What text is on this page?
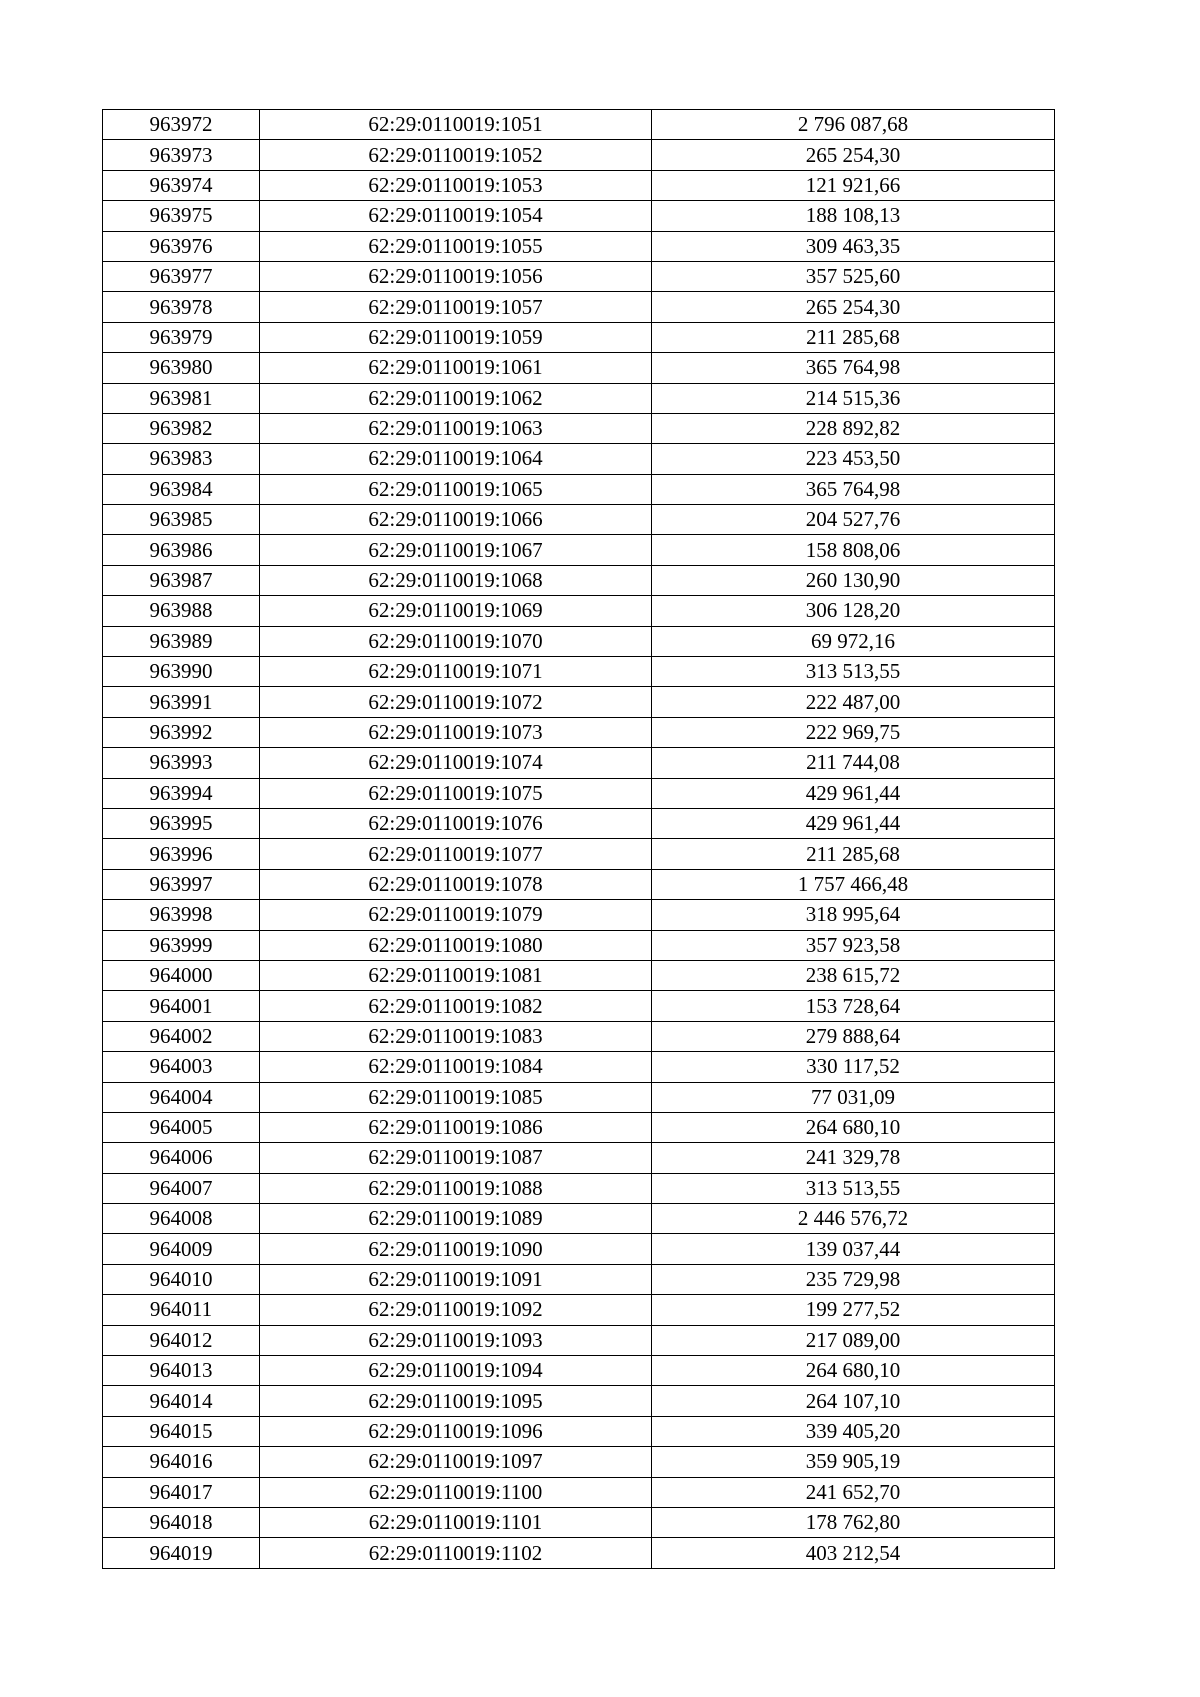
963972	62:29:0110019:1051	2 796 087,68
963973	62:29:0110019:1052	265 254,30
963974	62:29:0110019:1053	121 921,66
963975	62:29:0110019:1054	188 108,13
963976	62:29:0110019:1055	309 463,35
963977	62:29:0110019:1056	357 525,60
963978	62:29:0110019:1057	265 254,30
963979	62:29:0110019:1059	211 285,68
963980	62:29:0110019:1061	365 764,98
963981	62:29:0110019:1062	214 515,36
963982	62:29:0110019:1063	228 892,82
963983	62:29:0110019:1064	223 453,50
963984	62:29:0110019:1065	365 764,98
963985	62:29:0110019:1066	204 527,76
963986	62:29:0110019:1067	158 808,06
963987	62:29:0110019:1068	260 130,90
963988	62:29:0110019:1069	306 128,20
963989	62:29:0110019:1070	69 972,16
963990	62:29:0110019:1071	313 513,55
963991	62:29:0110019:1072	222 487,00
963992	62:29:0110019:1073	222 969,75
963993	62:29:0110019:1074	211 744,08
963994	62:29:0110019:1075	429 961,44
963995	62:29:0110019:1076	429 961,44
963996	62:29:0110019:1077	211 285,68
963997	62:29:0110019:1078	1 757 466,48
963998	62:29:0110019:1079	318 995,64
963999	62:29:0110019:1080	357 923,58
964000	62:29:0110019:1081	238 615,72
964001	62:29:0110019:1082	153 728,64
964002	62:29:0110019:1083	279 888,64
964003	62:29:0110019:1084	330 117,52
964004	62:29:0110019:1085	77 031,09
964005	62:29:0110019:1086	264 680,10
964006	62:29:0110019:1087	241 329,78
964007	62:29:0110019:1088	313 513,55
964008	62:29:0110019:1089	2 446 576,72
964009	62:29:0110019:1090	139 037,44
964010	62:29:0110019:1091	235 729,98
964011	62:29:0110019:1092	199 277,52
964012	62:29:0110019:1093	217 089,00
964013	62:29:0110019:1094	264 680,10
964014	62:29:0110019:1095	264 107,10
964015	62:29:0110019:1096	339 405,20
964016	62:29:0110019:1097	359 905,19
964017	62:29:0110019:1100	241 652,70
964018	62:29:0110019:1101	178 762,80
964019	62:29:0110019:1102	403 212,54
